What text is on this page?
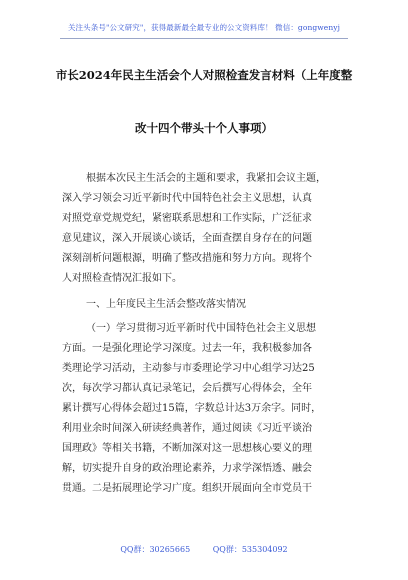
关注头条号"公文研究"，获得最新最全最专业的公文资料库！ 微信：gongwenyj
市长2024年民主生活会个人对照检查发言材料（上年度整
改十四个带头十个人事项）
根据本次民主生活会的主题和要求，我紧扣会议主题，
深入学习领会习近平新时代中国特色社会主义思想，认真
对照党章党规党纪，紧密联系思想和工作实际，广泛征求
意见建议，深入开展谈心谈话，全面查摆自身存在的问题
深刻剖析问题根源，明确了整改措施和努力方向。现将个
人对照检查情况汇报如下。
一、上年度民主生活会整改落实情况
（一）学习贯彻习近平新时代中国特色社会主义思想
方面。一是强化理论学习深度。过去一年，我积极参加各
类理论学习活动，主动参与市委理论学习中心组学习达25
次，每次学习都认真记录笔记，会后撰写心得体会，全年
累计撰写心得体会超过15篇，字数总计达3万余字。同时，
利用业余时间深入研读经典著作，通过阅读《习近平谈治
国理政》等相关书籍，不断加深对这一思想核心要义的理
解，切实提升自身的政治理论素养，力求学深悟透、融会
贯通。二是拓展理论学习广度。组织开展面向全市党员干
QQ群：30265665	QQ群：535304092
